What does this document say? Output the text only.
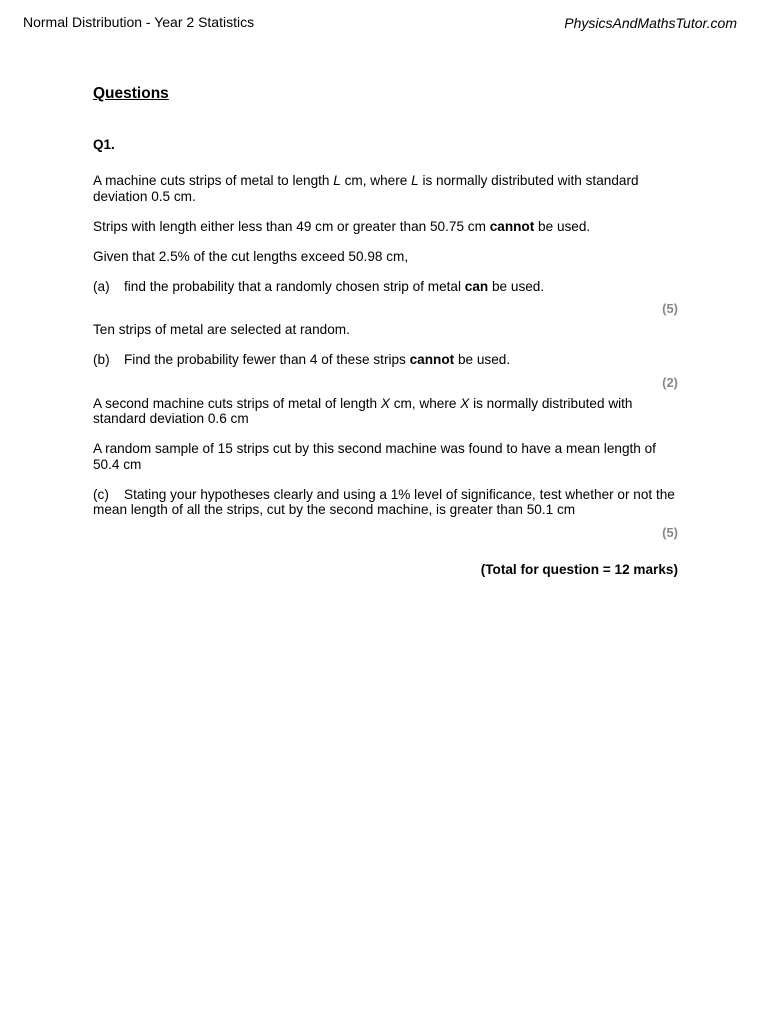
Normal Distribution - Year 2 Statistics	PhysicsAndMathsTutor.com
Questions
Q1.

A machine cuts strips of metal to length L cm, where L is normally distributed with standard deviation 0.5 cm.

Strips with length either less than 49 cm or greater than 50.75 cm cannot be used.

Given that 2.5% of the cut lengths exceed 50.98 cm,

(a) find the probability that a randomly chosen strip of metal can be used.

(5)

Ten strips of metal are selected at random.

(b) Find the probability fewer than 4 of these strips cannot be used.

(2)

A second machine cuts strips of metal of length X cm, where X is normally distributed with standard deviation 0.6 cm

A random sample of 15 strips cut by this second machine was found to have a mean length of 50.4 cm

(c) Stating your hypotheses clearly and using a 1% level of significance, test whether or not the mean length of all the strips, cut by the second machine, is greater than 50.1 cm

(5)
(Total for question = 12 marks)
